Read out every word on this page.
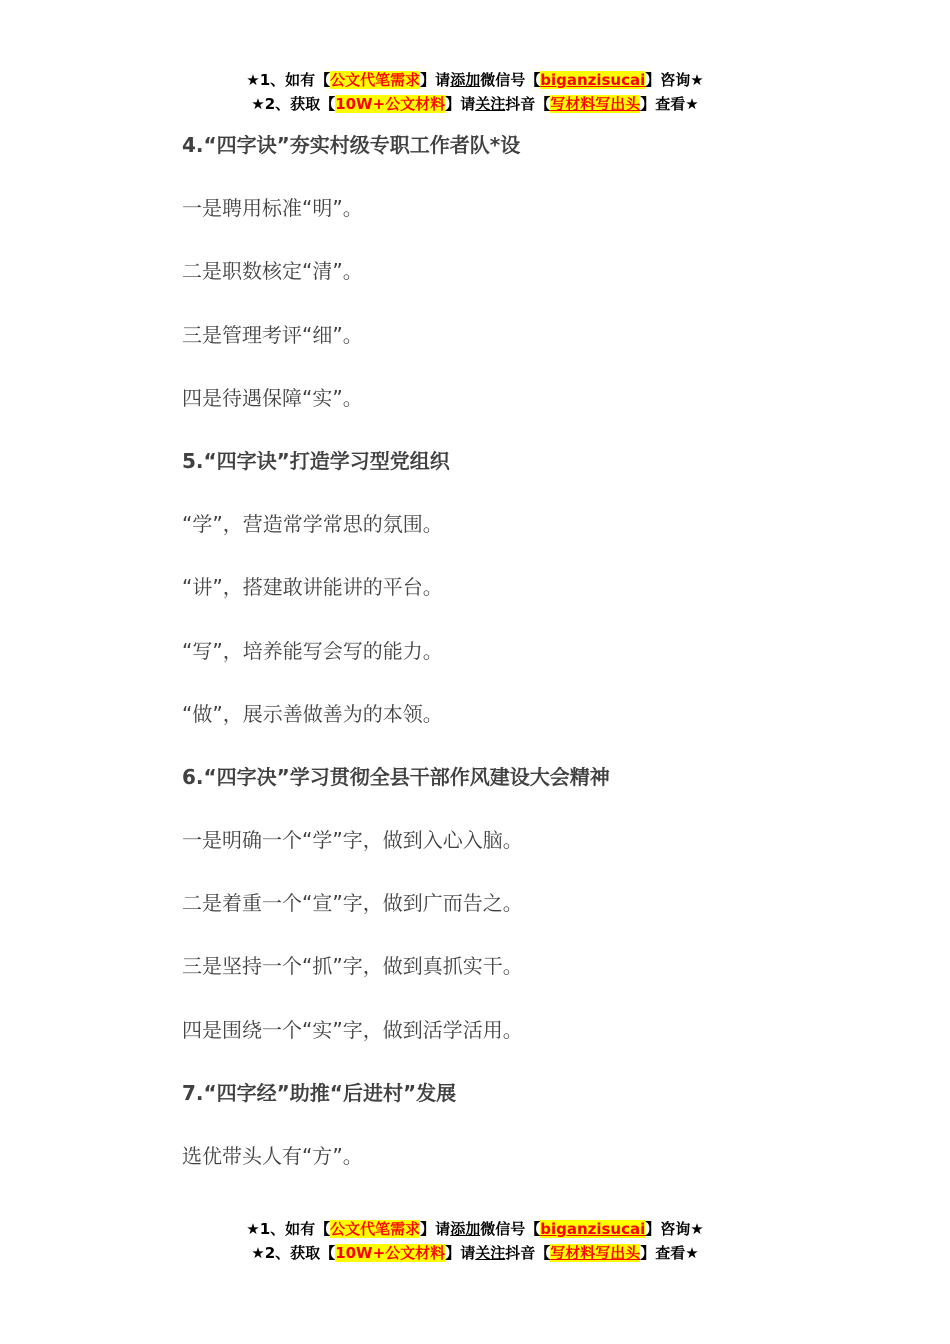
★1、如有【公文代笔需求】请添加微信号【biganzisucai】咨询★
★2、获取【10W+公文材料】请关注抖音【写材料写出头】查看★
4.“四字诀”夯实村级专职工作者队*设
一是聘用标准“明”。
二是职数核定“清”。
三是管理考评“细”。
四是待遇保障“实”。
5.“四字诀”打造学习型党组织
“学”，营造常学常思的氛围。
“讲”，搭建敢讲能讲的平台。
“写”，培养能写会写的能力。
“做”，展示善做善为的本领。
6.“四字决”学习贯彻全县干部作风建设大会精神
一是明确一个“学”字，做到入心入脑。
二是着重一个“宣”字，做到广而告之。
三是坚持一个“抓”字，做到真抓实干。
四是围绕一个“实”字，做到活学活用。
7.“四字经”助推“后进村”发展
选优带头人有“方”。
★1、如有【公文代笔需求】请添加微信号【biganzisucai】咨询★
★2、获取【10W+公文材料】请关注抖音【写材料写出头】查看★
